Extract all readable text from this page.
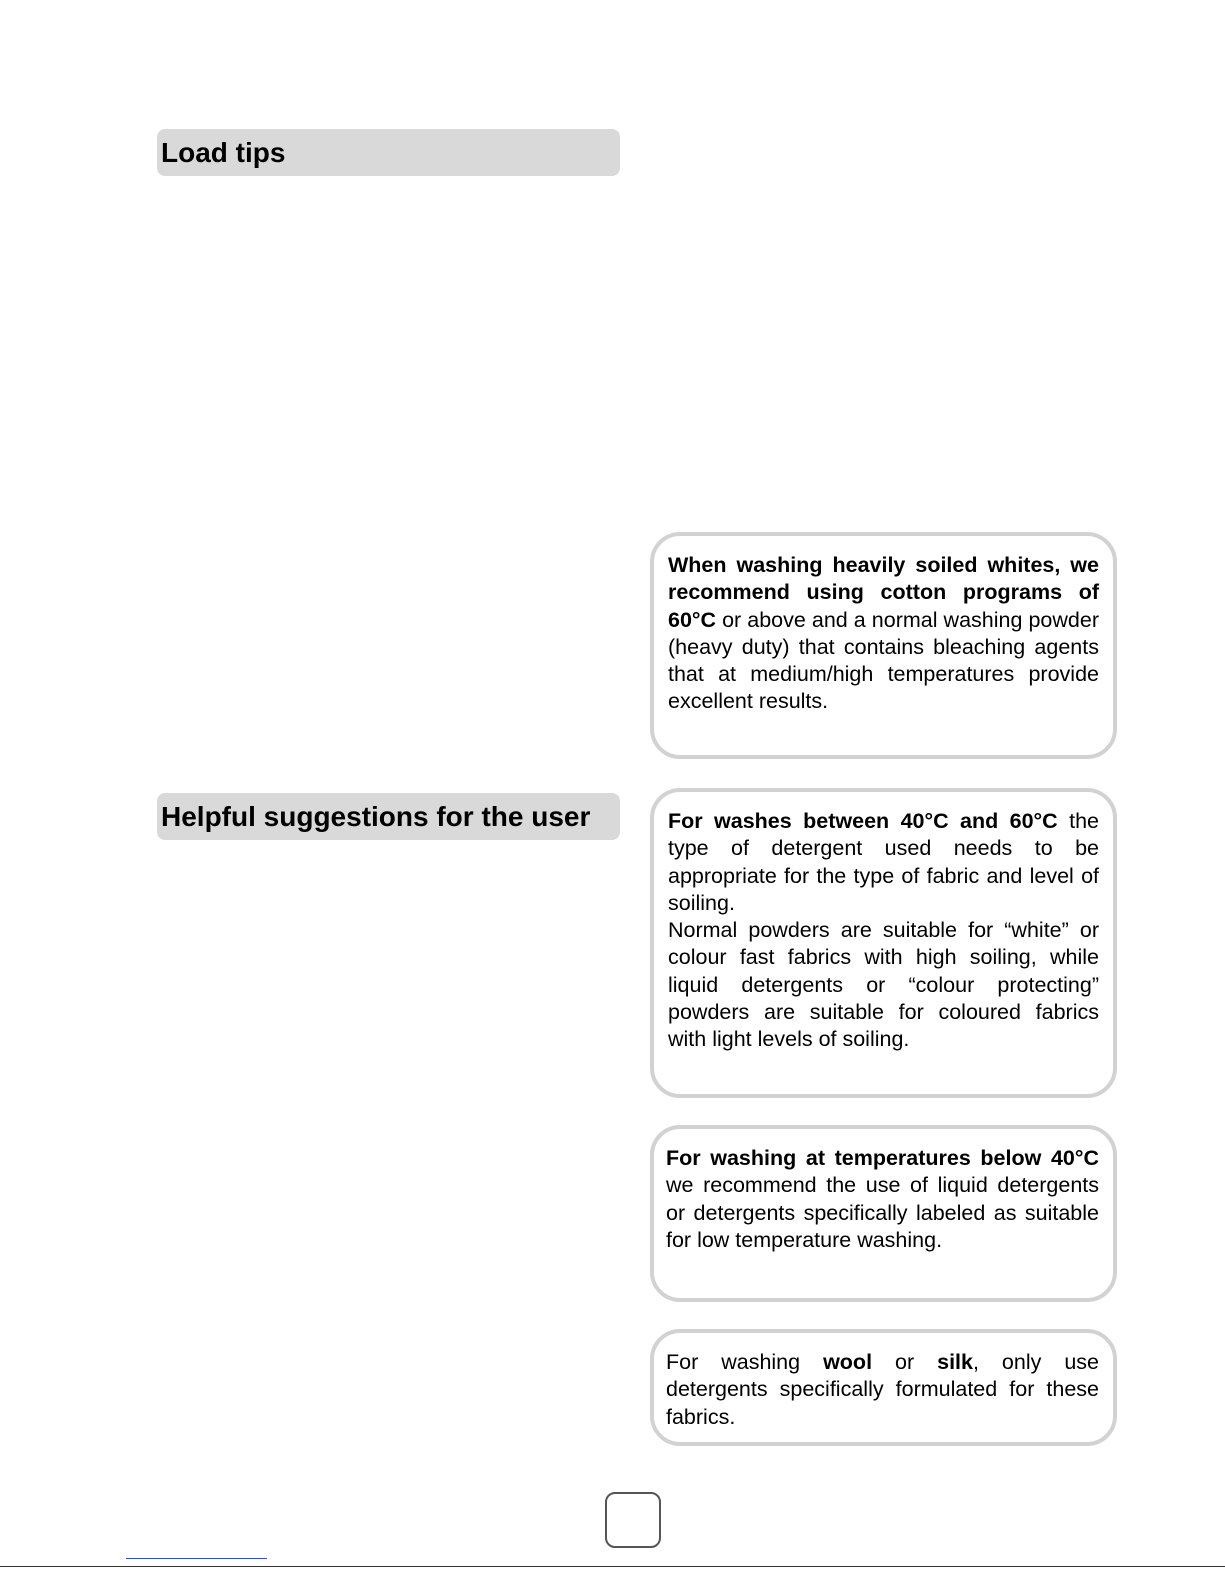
Load tips

When washing heavily soiled whites, we recommend using cotton programs of 60°C or above and a normal washing powder (heavy duty) that contains bleaching agents that at medium/high temperatures provide excellent results.

Helpful suggestions for the user	For washes between 40°C and 60°C the type of detergent used needs to be appropriate for the type of fabric and level of soiling.

Normal powders are suitable for “white” or colour fast fabrics with high soiling, while liquid detergents or “colour protecting” powders are suitable for coloured fabrics with light levels of soiling.

For washing at temperatures below 40°C we recommend the use of liquid detergents or detergents specifically labeled as suitable for low temperature washing.

For washing wool or silk, only use detergents specifically formulated for these fabrics.
